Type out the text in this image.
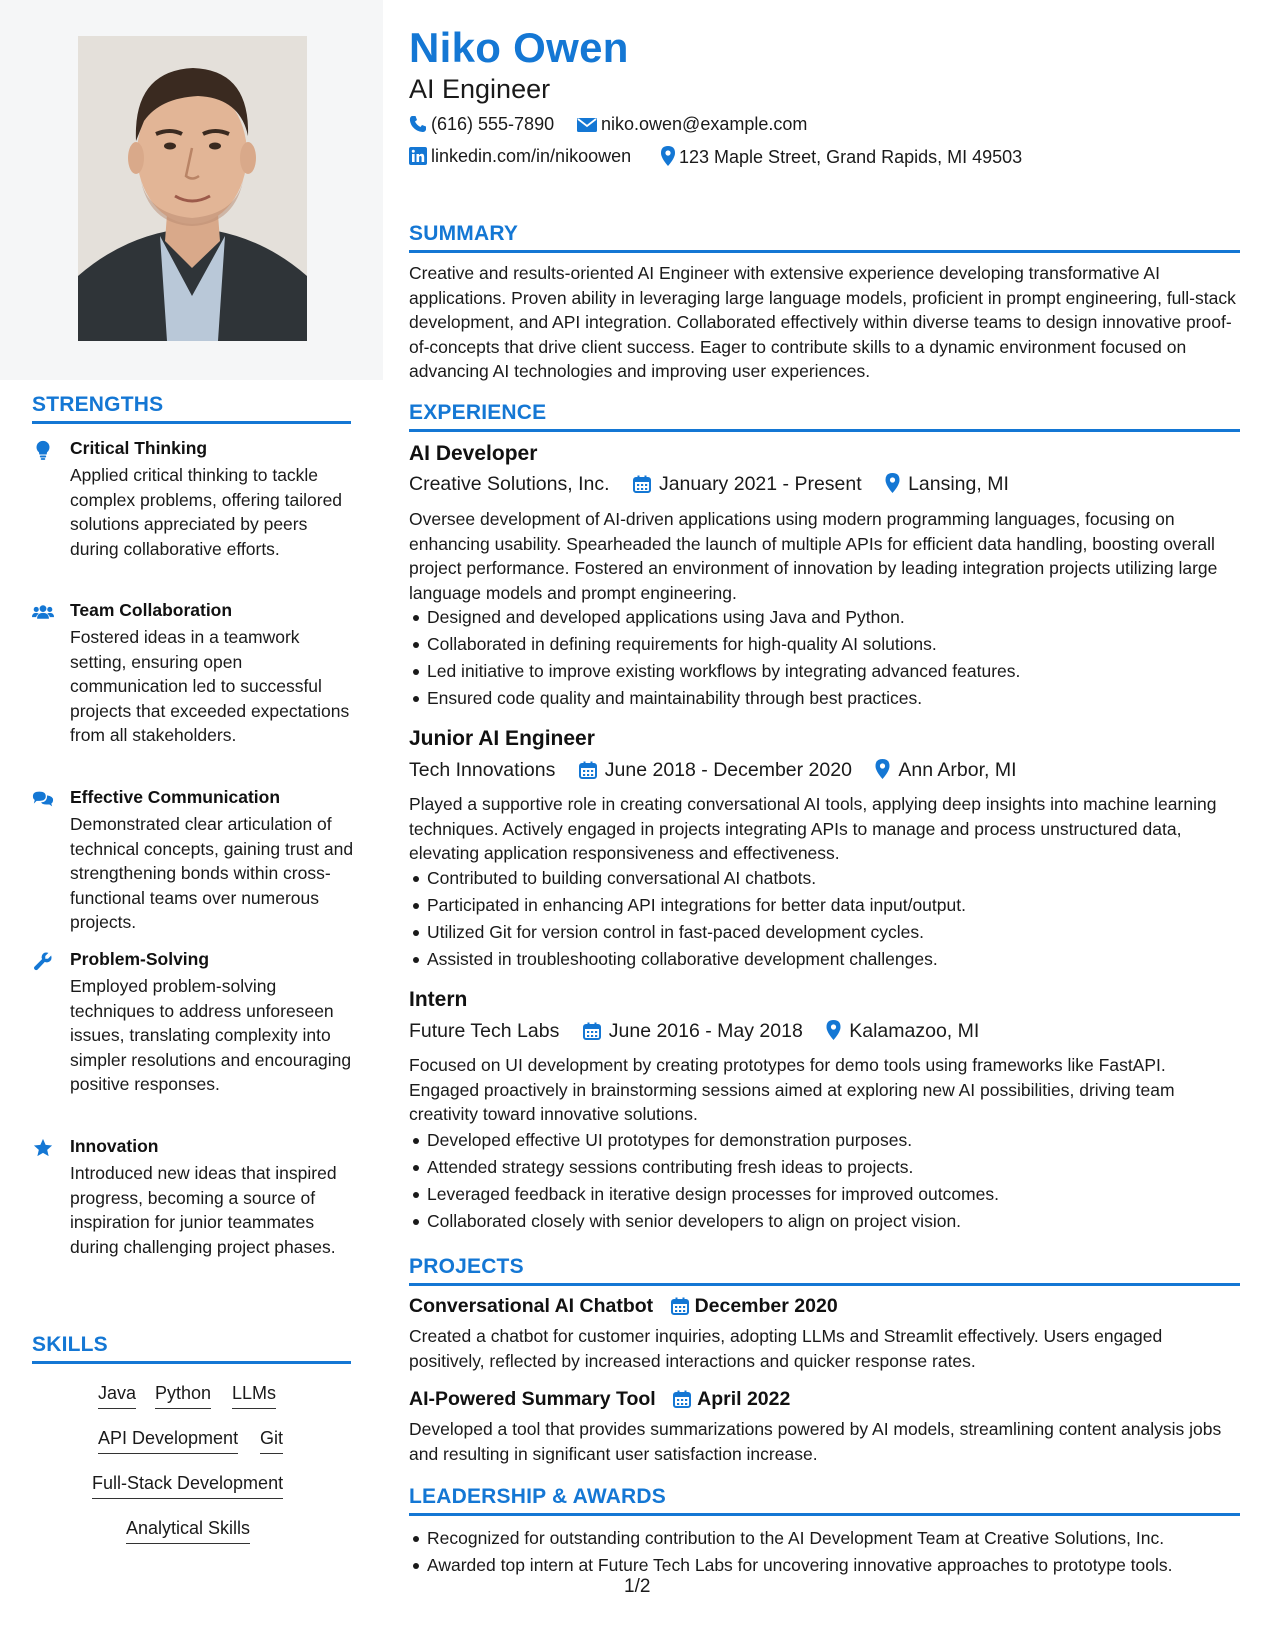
STRENGTHS
Critical Thinking
Applied critical thinking to tackle complex problems, offering tailored solutions appreciated by peers during collaborative efforts.
Team Collaboration
Fostered ideas in a teamwork setting, ensuring open communication led to successful projects that exceeded expectations from all stakeholders.
Effective Communication
Demonstrated clear articulation of technical concepts, gaining trust and strengthening bonds within cross-functional teams over numerous projects.
Problem-Solving
Employed problem-solving techniques to address unforeseen issues, translating complexity into simpler resolutions and encouraging positive responses.
Innovation
Introduced new ideas that inspired progress, becoming a source of inspiration for junior teammates during challenging project phases.
SKILLS
Java Python LLMs
API Development Git
Full-Stack Development
Analytical Skills
Niko Owen
AI Engineer
(616) 555-7890	niko.owen@example.com
linkedin.com/in/nikoowen	123 Maple Street, Grand Rapids, MI 49503
SUMMARY
Creative and results-oriented AI Engineer with extensive experience developing transformative AI applications. Proven ability in leveraging large language models, proficient in prompt engineering, full-stack development, and API integration. Collaborated effectively within diverse teams to design innovative proof-of-concepts that drive client success. Eager to contribute skills to a dynamic environment focused on advancing AI technologies and improving user experiences.
EXPERIENCE
AI Developer
Creative Solutions, Inc.	January 2021 - Present Lansing, MI
Oversee development of AI-driven applications using modern programming languages, focusing on enhancing usability. Spearheaded the launch of multiple APIs for efficient data handling, boosting overall project performance. Fostered an environment of innovation by leading integration projects utilizing large language models and prompt engineering.
Designed and developed applications using Java and Python.
Collaborated in defining requirements for high-quality AI solutions.
Led initiative to improve existing workflows by integrating advanced features.
Ensured code quality and maintainability through best practices.
Junior AI Engineer
Tech Innovations	June 2018 - December 2020 Ann Arbor, MI
Played a supportive role in creating conversational AI tools, applying deep insights into machine learning techniques. Actively engaged in projects integrating APIs to manage and process unstructured data, elevating application responsiveness and effectiveness.
Contributed to building conversational AI chatbots.
Participated in enhancing API integrations for better data input/output.
Utilized Git for version control in fast-paced development cycles.
Assisted in troubleshooting collaborative development challenges.
Intern
Future Tech Labs	June 2016 - May 2018 Kalamazoo, MI
Focused on UI development by creating prototypes for demo tools using frameworks like FastAPI. Engaged proactively in brainstorming sessions aimed at exploring new AI possibilities, driving team creativity toward innovative solutions.
Developed effective UI prototypes for demonstration purposes.
Attended strategy sessions contributing fresh ideas to projects.
Leveraged feedback in iterative design processes for improved outcomes.
Collaborated closely with senior developers to align on project vision.
PROJECTS
Conversational AI Chatbot December 2020
Created a chatbot for customer inquiries, adopting LLMs and Streamlit effectively. Users engaged positively, reflected by increased interactions and quicker response rates.
AI-Powered Summary Tool April 2022
Developed a tool that provides summarizations powered by AI models, streamlining content analysis jobs and resulting in significant user satisfaction increase.
LEADERSHIP & AWARDS
Recognized for outstanding contribution to the AI Development Team at Creative Solutions, Inc.
Awarded top intern at Future Tech Labs for uncovering innovative approaches to prototype tools.
1/2
